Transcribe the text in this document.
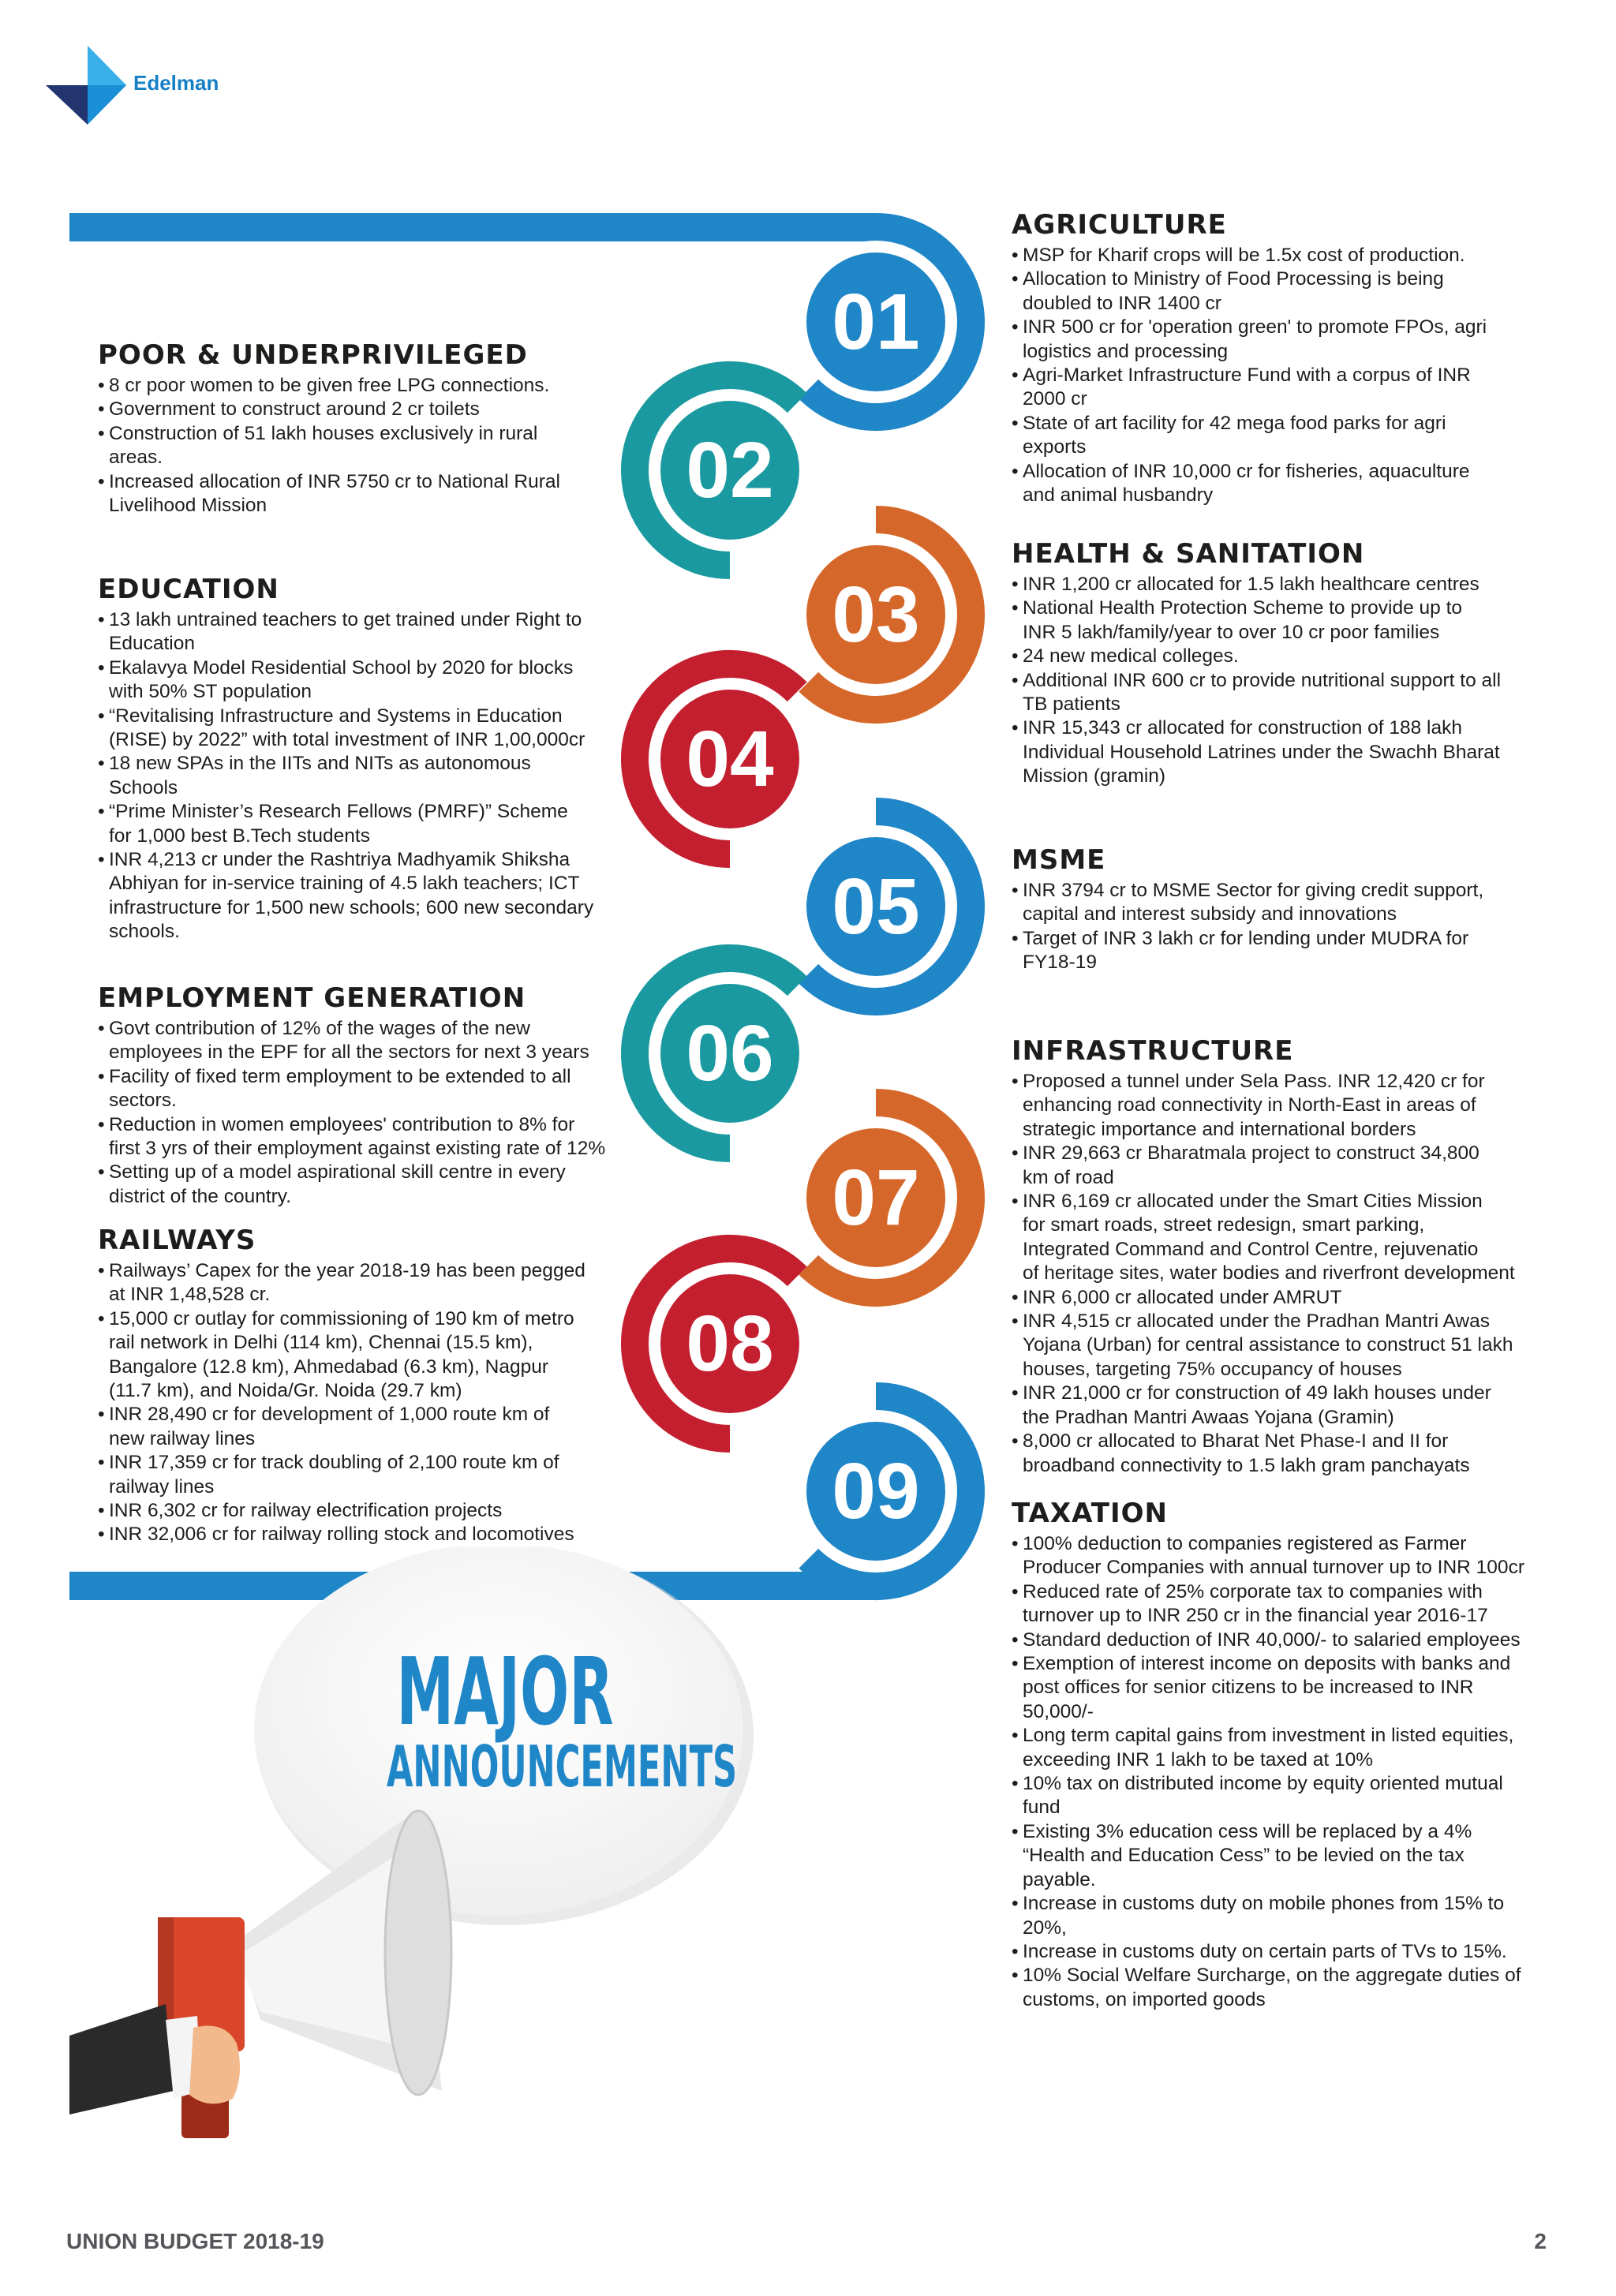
Edelman
01
02
03
04
05
06
07
08
09
POOR & UNDERPRIVILEGED
• 8 cr poor women to be given free LPG connections.
• Government to construct around 2 cr toilets
• Construction of 51 lakh houses exclusively in rural
areas.
• Increased allocation of INR 5750 cr to National Rural
Livelihood Mission
EDUCATION
• 13 lakh untrained teachers to get trained under Right to
Education
• Ekalavya Model Residential School by 2020 for blocks
with 50% ST population
• “Revitalising Infrastructure and Systems in Education
(RISE) by 2022” with total investment of INR 1,00,000cr
• 18 new SPAs in the IITs and NITs as autonomous
Schools
• “Prime Minister’s Research Fellows (PMRF)” Scheme
for 1,000 best B.Tech students
• INR 4,213 cr under the Rashtriya Madhyamik Shiksha
Abhiyan for in-service training of 4.5 lakh teachers; ICT
infrastructure for 1,500 new schools; 600 new secondary
schools.
EMPLOYMENT GENERATION
• Govt contribution of 12% of the wages of the new
employees in the EPF for all the sectors for next 3 years
• Facility of fixed term employment to be extended to all
sectors.
• Reduction in women employees' contribution to 8% for
first 3 yrs of their employment against existing rate of 12%
• Setting up of a model aspirational skill centre in every
district of the country.
RAILWAYS
• Railways’ Capex for the year 2018-19 has been pegged
at INR 1,48,528 cr.
• 15,000 cr outlay for commissioning of 190 km of metro
rail network in Delhi (114 km), Chennai (15.5 km),
Bangalore (12.8 km), Ahmedabad (6.3 km), Nagpur
(11.7 km), and Noida/Gr. Noida (29.7 km)
• INR 28,490 cr for development of 1,000 route km of
new railway lines
• INR 17,359 cr for track doubling of 2,100 route km of
railway lines
• INR 6,302 cr for railway electrification projects
• INR 32,006 cr for railway rolling stock and locomotives
AGRICULTURE
• MSP for Kharif crops will be 1.5x cost of production.
• Allocation to Ministry of Food Processing is being
doubled to INR 1400 cr
• INR 500 cr for 'operation green' to promote FPOs, agri
logistics and processing
• Agri-Market Infrastructure Fund with a corpus of INR
2000 cr
• State of art facility for 42 mega food parks for agri
exports
• Allocation of INR 10,000 cr for fisheries, aquaculture
and animal husbandry
HEALTH & SANITATION
• INR 1,200 cr allocated for 1.5 lakh healthcare centres
• National Health Protection Scheme to provide up to
INR 5 lakh/family/year to over 10 cr poor families
• 24 new medical colleges.
• Additional INR 600 cr to provide nutritional support to all
TB patients
• INR 15,343 cr allocated for construction of 188 lakh
Individual Household Latrines under the Swachh Bharat
Mission (gramin)
MSME
• INR 3794 cr to MSME Sector for giving credit support,
capital and interest subsidy and innovations
• Target of INR 3 lakh cr for lending under MUDRA for
FY18-19
INFRASTRUCTURE
• Proposed a tunnel under Sela Pass. INR 12,420 cr for
enhancing road connectivity in North-East in areas of
strategic importance and international borders
• INR 29,663 cr Bharatmala project to construct 34,800
km of road
• INR 6,169 cr allocated under the Smart Cities Mission
for smart roads, street redesign, smart parking,
Integrated Command and Control Centre, rejuvenatio
of heritage sites, water bodies and riverfront development
• INR 6,000 cr allocated under AMRUT
• INR 4,515 cr allocated under the Pradhan Mantri Awas
Yojana (Urban) for central assistance to construct 51 lakh
houses, targeting 75% occupancy of houses
• INR 21,000 cr for construction of 49 lakh houses under
the Pradhan Mantri Awaas Yojana (Gramin)
• 8,000 cr allocated to Bharat Net Phase-I and II for
broadband connectivity to 1.5 lakh gram panchayats
TAXATION
• 100% deduction to companies registered as Farmer
Producer Companies with annual turnover up to INR 100cr
• Reduced rate of 25% corporate tax to companies with
turnover up to INR 250 cr in the financial year 2016-17
• Standard deduction of INR 40,000/- to salaried employees
• Exemption of interest income on deposits with banks and
post offices for senior citizens to be increased to INR
50,000/-
• Long term capital gains from investment in listed equities,
exceeding INR 1 lakh to be taxed at 10%
• 10% tax on distributed income by equity oriented mutual
fund
• Existing 3% education cess will be replaced by a 4%
“Health and Education Cess” to be levied on the tax
payable.
• Increase in customs duty on mobile phones from 15% to
20%,
• Increase in customs duty on certain parts of TVs to 15%.
• 10% Social Welfare Surcharge, on the aggregate duties of
customs, on imported goods
MAJOR
ANNOUNCEMENTS
UNION BUDGET 2018-19	2
